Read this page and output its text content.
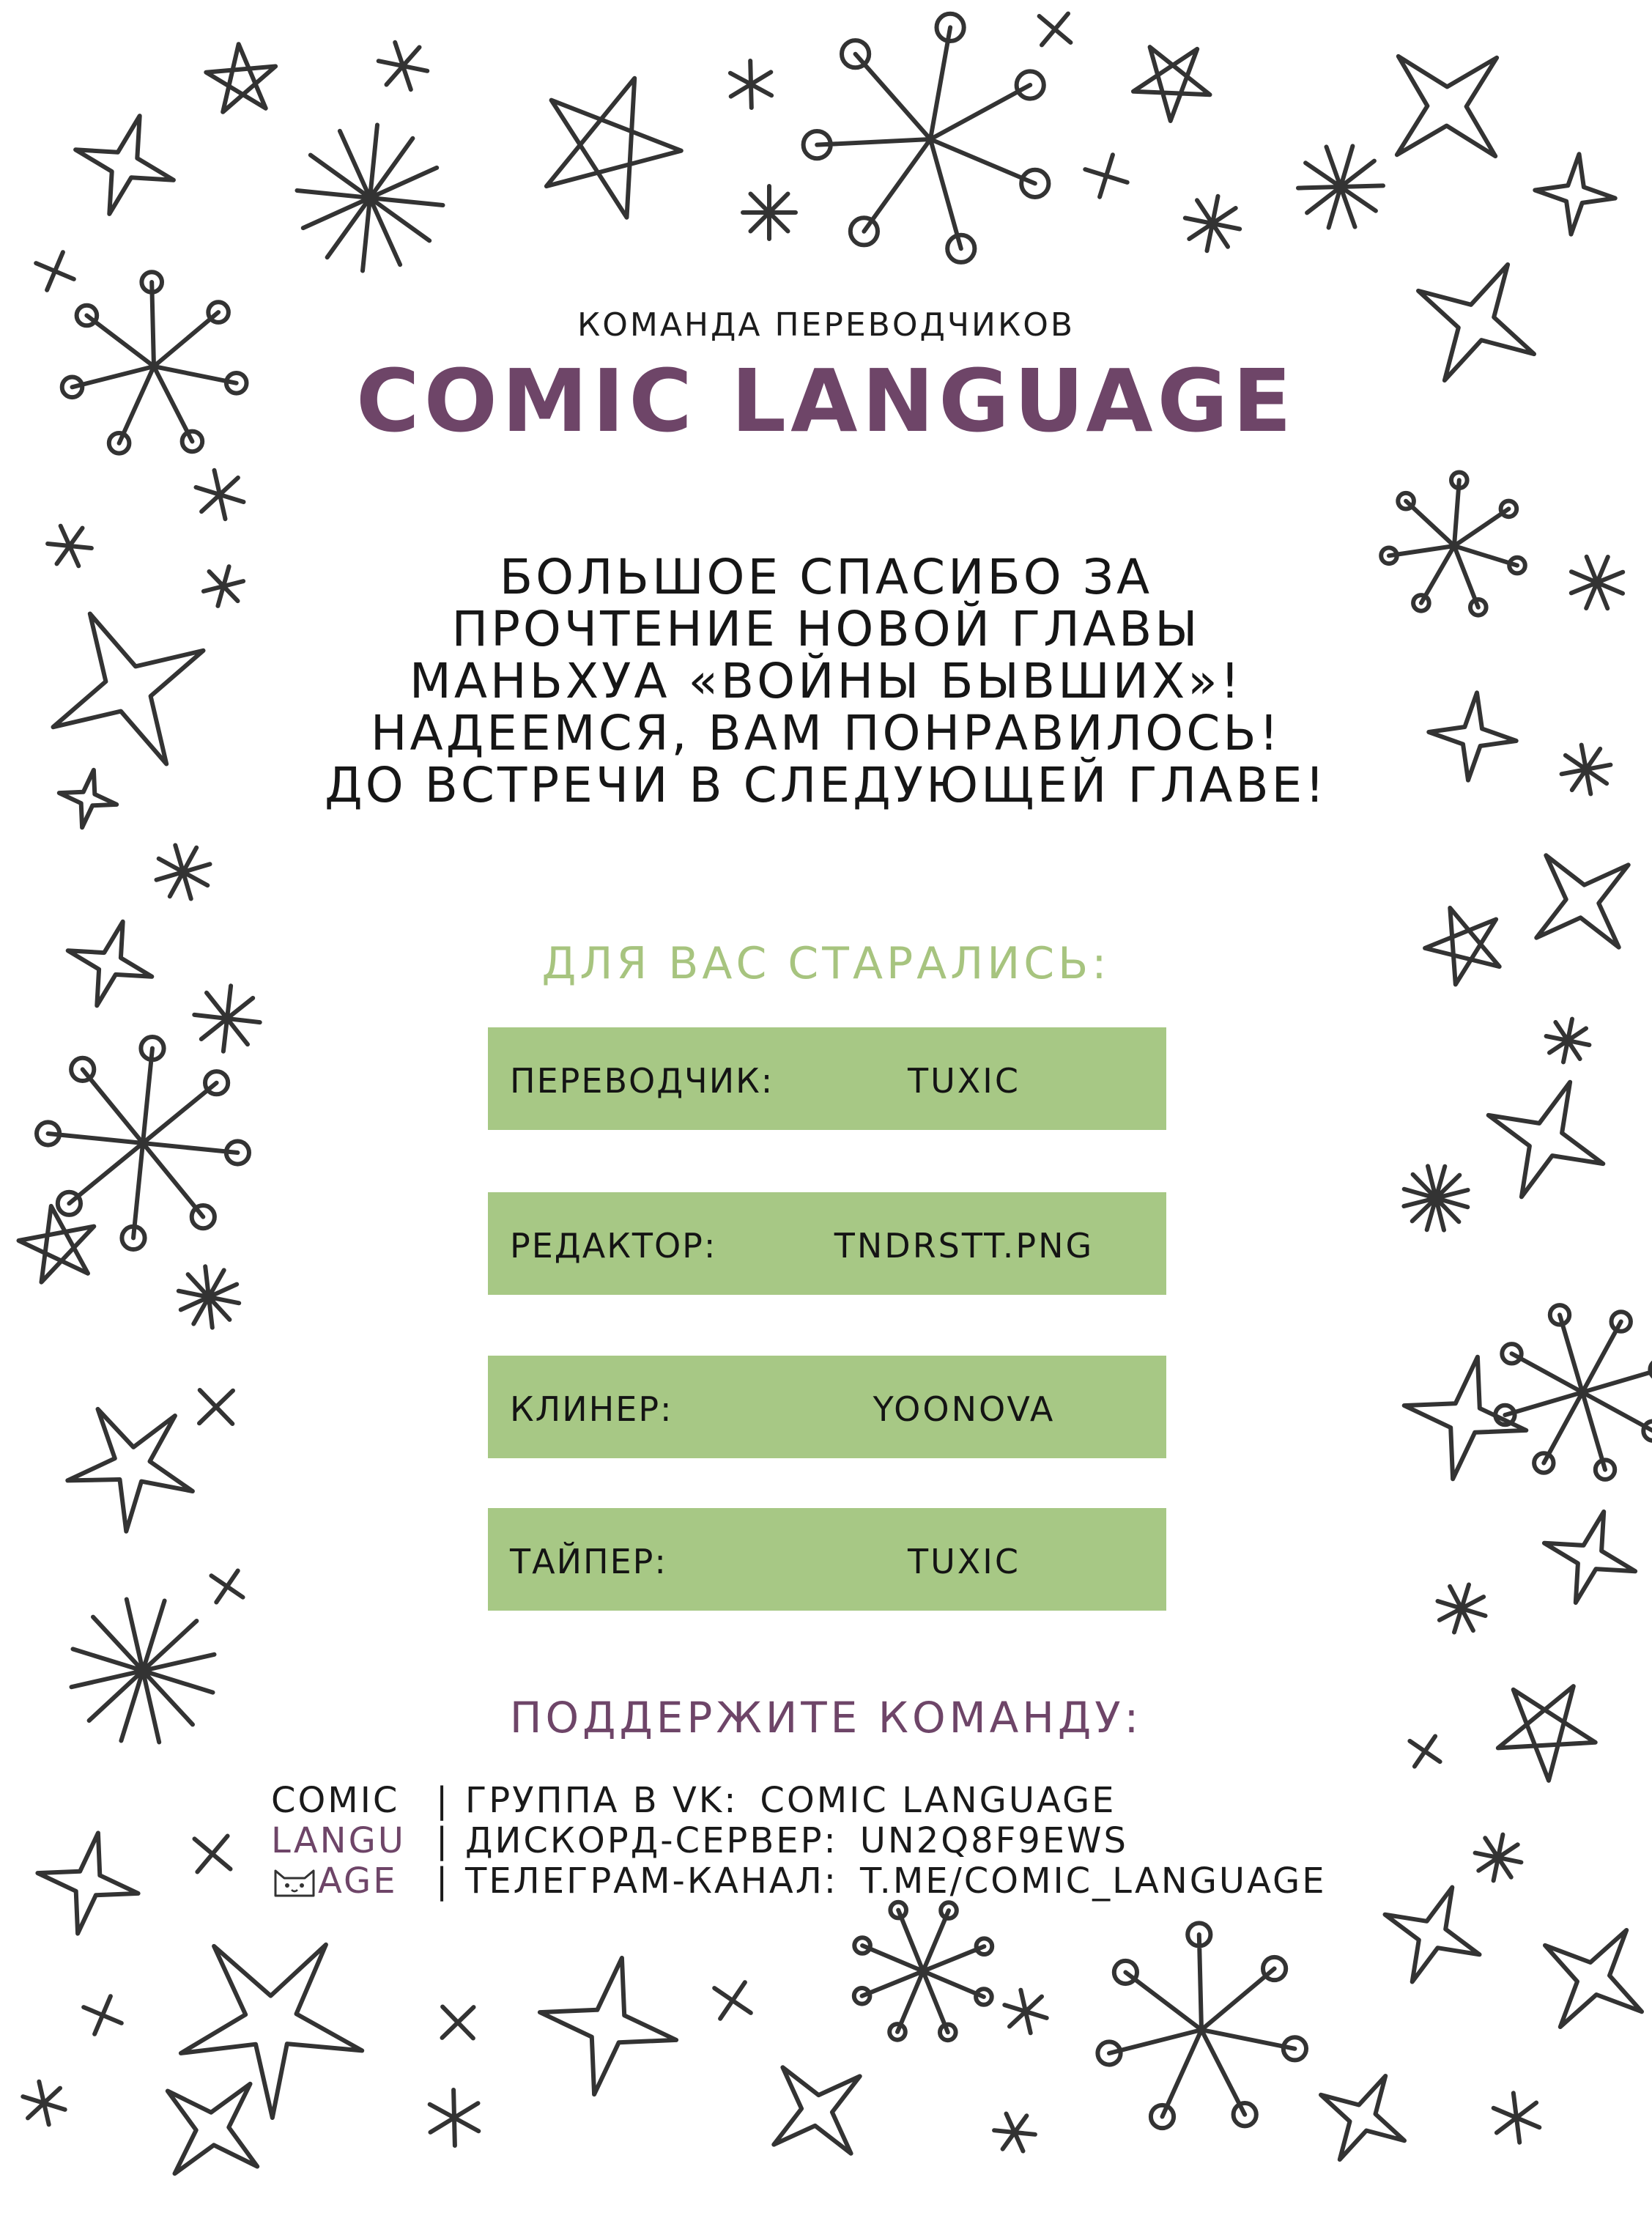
КОМАНДА ПЕРЕВОДЧИКОВ
COMIC LANGUAGE
БОЛЬШОЕ СПАСИБО ЗА
ПРОЧТЕНИЕ НОВОЙ ГЛАВЫ
МАНЬХУА «ВОЙНЫ БЫВШИХ»!
НАДЕЕМСЯ, ВАМ ПОНРАВИЛОСЬ!
ДО ВСТРЕЧИ В СЛЕДУЮЩЕЙ ГЛАВЕ!
ДЛЯ ВАС СТАРАЛИСЬ:
ПЕРЕВОДЧИК:	TUXIC
РЕДАКТОР:	TNDRSTT.PNG
КЛИНЕР:	YOONOVA
ТАЙПЕР:	TUXIC
ПОДДЕРЖИТЕ КОМАНДУ:
COMIC
LANGU
AGE
| ГРУППА В VK: COMIC LANGUAGE
| ДИСКОРД-СЕРВЕР: UN2Q8F9EWS
| ТЕЛЕГРАМ-КАНАЛ: T.ME/COMIC_LANGUAGE
